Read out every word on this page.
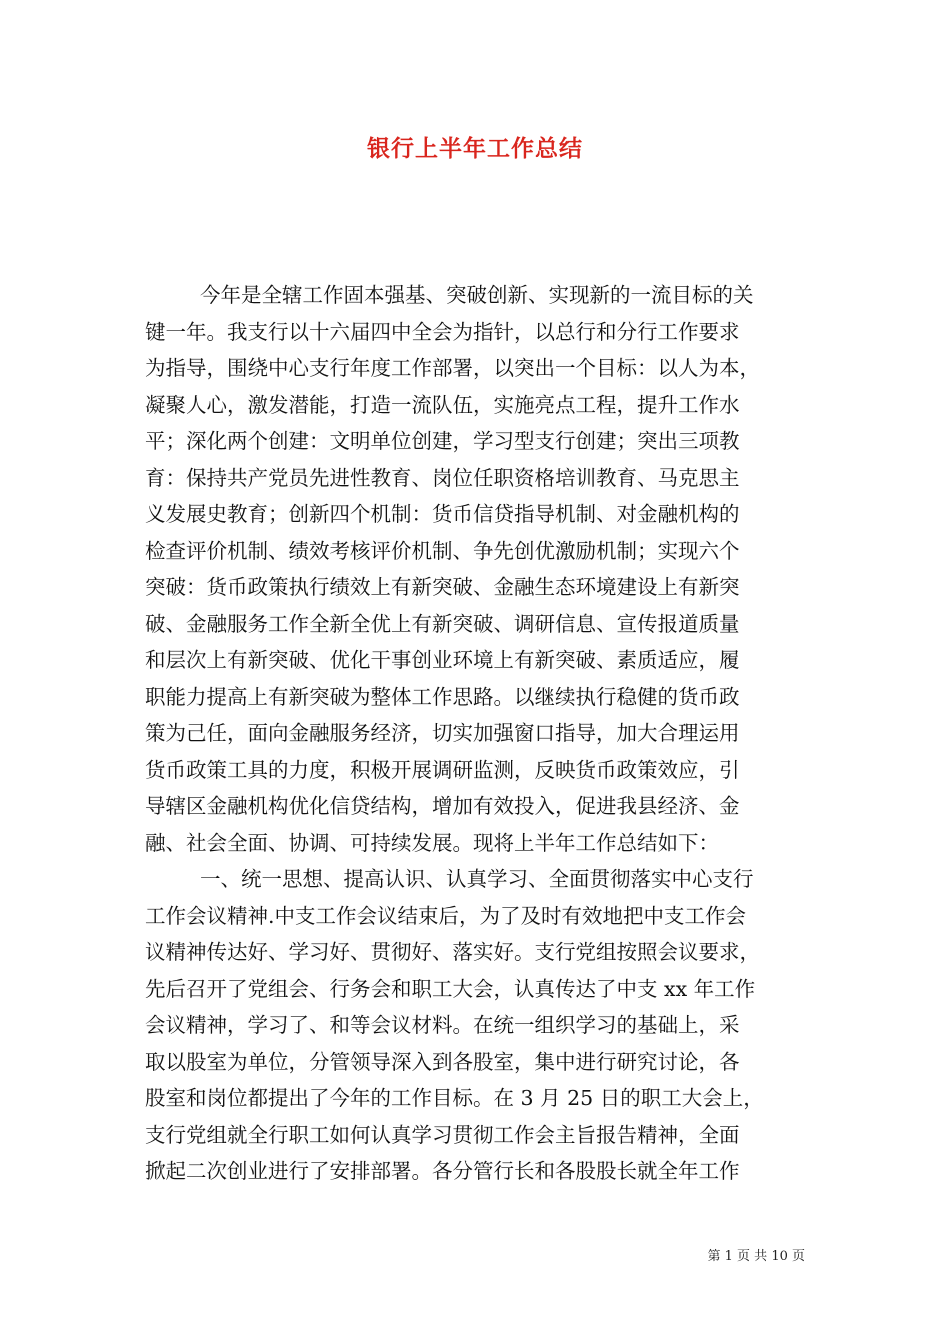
银行上半年工作总结
今年是全辖工作固本强基、突破创新、实现新的一流目标的关
键一年。我支行以十六届四中全会为指针，以总行和分行工作要求
为指导，围绕中心支行年度工作部署，以突出一个目标：以人为本，
凝聚人心，激发潜能，打造一流队伍，实施亮点工程，提升工作水
平；深化两个创建：文明单位创建，学习型支行创建；突出三项教
育：保持共产党员先进性教育、岗位任职资格培训教育、马克思主
义发展史教育；创新四个机制：货币信贷指导机制、对金融机构的
检查评价机制、绩效考核评价机制、争先创优激励机制；实现六个
突破：货币政策执行绩效上有新突破、金融生态环境建设上有新突
破、金融服务工作全新全优上有新突破、调研信息、宣传报道质量
和层次上有新突破、优化干事创业环境上有新突破、素质适应，履
职能力提高上有新突破为整体工作思路。以继续执行稳健的货币政
策为己任，面向金融服务经济，切实加强窗口指导，加大合理运用
货币政策工具的力度，积极开展调研监测，反映货币政策效应，引
导辖区金融机构优化信贷结构，增加有效投入，促进我县经济、金
融、社会全面、协调、可持续发展。现将上半年工作总结如下：
一、统一思想、提高认识、认真学习、全面贯彻落实中心支行
工作会议精神.中支工作会议结束后，为了及时有效地把中支工作会
议精神传达好、学习好、贯彻好、落实好。支行党组按照会议要求，
先后召开了党组会、行务会和职工大会，认真传达了中支 xx 年工作
会议精神，学习了、和等会议材料。在统一组织学习的基础上，采
取以股室为单位，分管领导深入到各股室，集中进行研究讨论，各
股室和岗位都提出了今年的工作目标。在 3 月 25 日的职工大会上，
支行党组就全行职工如何认真学习贯彻工作会主旨报告精神，全面
掀起二次创业进行了安排部署。各分管行长和各股股长就全年工作
第 1 页 共 10 页
